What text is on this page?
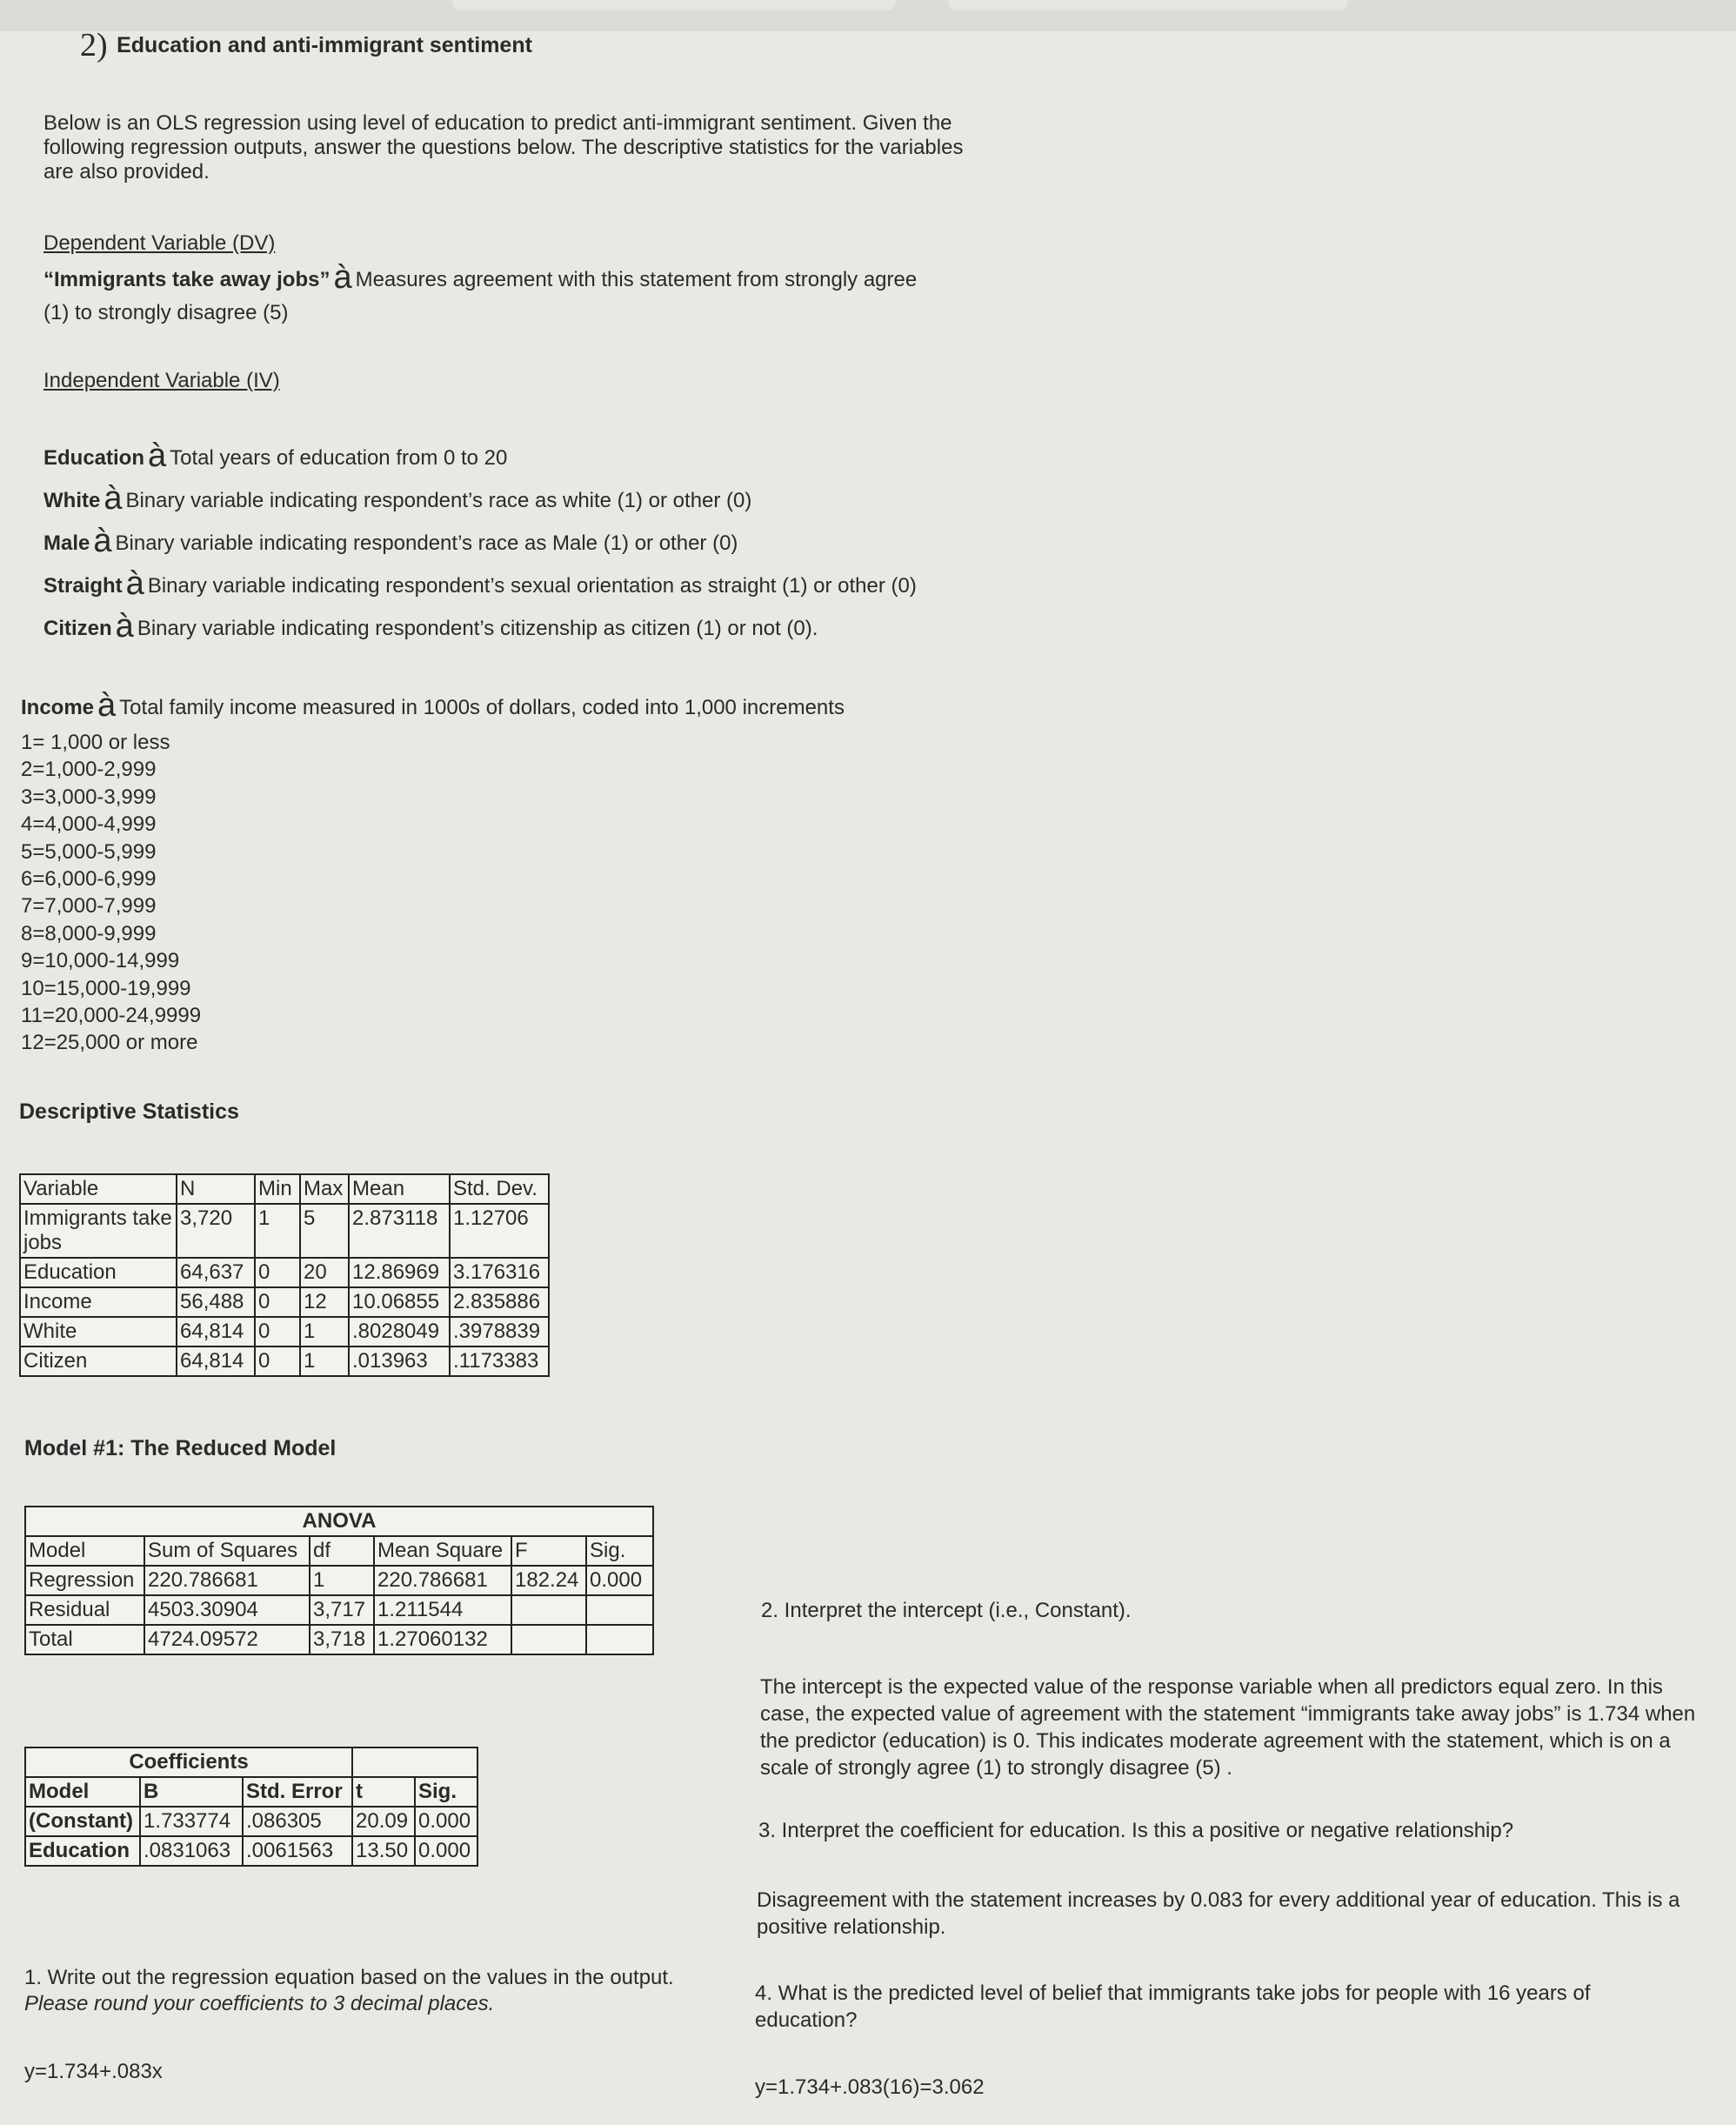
2) Education and anti-immigrant sentiment
Below is an OLS regression using level of education to predict anti-immigrant sentiment. Given the following regression outputs, answer the questions below. The descriptive statistics for the variables are also provided.
Dependent Variable (DV)
“Immigrants take away jobs” à Measures agreement with this statement from strongly agree
(1) to strongly disagree (5)
Independent Variable (IV)
Education à Total years of education from 0 to 20
White à Binary variable indicating respondent’s race as white (1) or other (0)
Male à Binary variable indicating respondent’s race as Male (1) or other (0)
Straight à Binary variable indicating respondent’s sexual orientation as straight (1) or other (0)
Citizen à Binary variable indicating respondent’s citizenship as citizen (1) or not (0).
Income à Total family income measured in 1000s of dollars, coded into 1,000 increments
1= 1,000 or less
2=1,000-2,999
3=3,000-3,999
4=4,000-4,999
5=5,000-5,999
6=6,000-6,999
7=7,000-7,999
8=8,000-9,999
9=10,000-14,999
10=15,000-19,999
11=20,000-24,9999
12=25,000 or more
Descriptive Statistics
Variable	N	Min	Max	Mean	Std. Dev.
Immigrants take jobs	3,720	1	5	2.873118	1.12706
Education	64,637	0	20	12.86969	3.176316
Income	56,488	0	12	10.06855	2.835886
White	64,814	0	1	.8028049	.3978839
Citizen	64,814	0	1	.013963	.1173383
Model #1: The Reduced Model
ANOVA					
Model	Sum of Squares	df	Mean Square	F	Sig.
Regression	220.786681	1	220.786681	182.24	0.000
Residual	4503.30904	3,717	1.211544		
Total	4724.09572	3,718	1.27060132		
Coefficients				
Model	B	Std. Error	t	Sig.
(Constant)	1.733774	.086305	20.09	0.000
Education	.0831063	.0061563	13.50	0.000
1. Write out the regression equation based on the values in the output.
Please round your coefficients to 3 decimal places.
y=1.734+.083x
2. Interpret the intercept (i.e., Constant).
The intercept is the expected value of the response variable when all predictors equal zero. In this case, the expected value of agreement with the statement “immigrants take away jobs” is 1.734 when the predictor (education) is 0. This indicates moderate agreement with the statement, which is on a scale of strongly agree (1) to strongly disagree (5) .
3. Interpret the coefficient for education. Is this a positive or negative relationship?
Disagreement with the statement increases by 0.083 for every additional year of education. This is a positive relationship.
4. What is the predicted level of belief that immigrants take jobs for people with 16 years of education?
y=1.734+.083(16)=3.062
